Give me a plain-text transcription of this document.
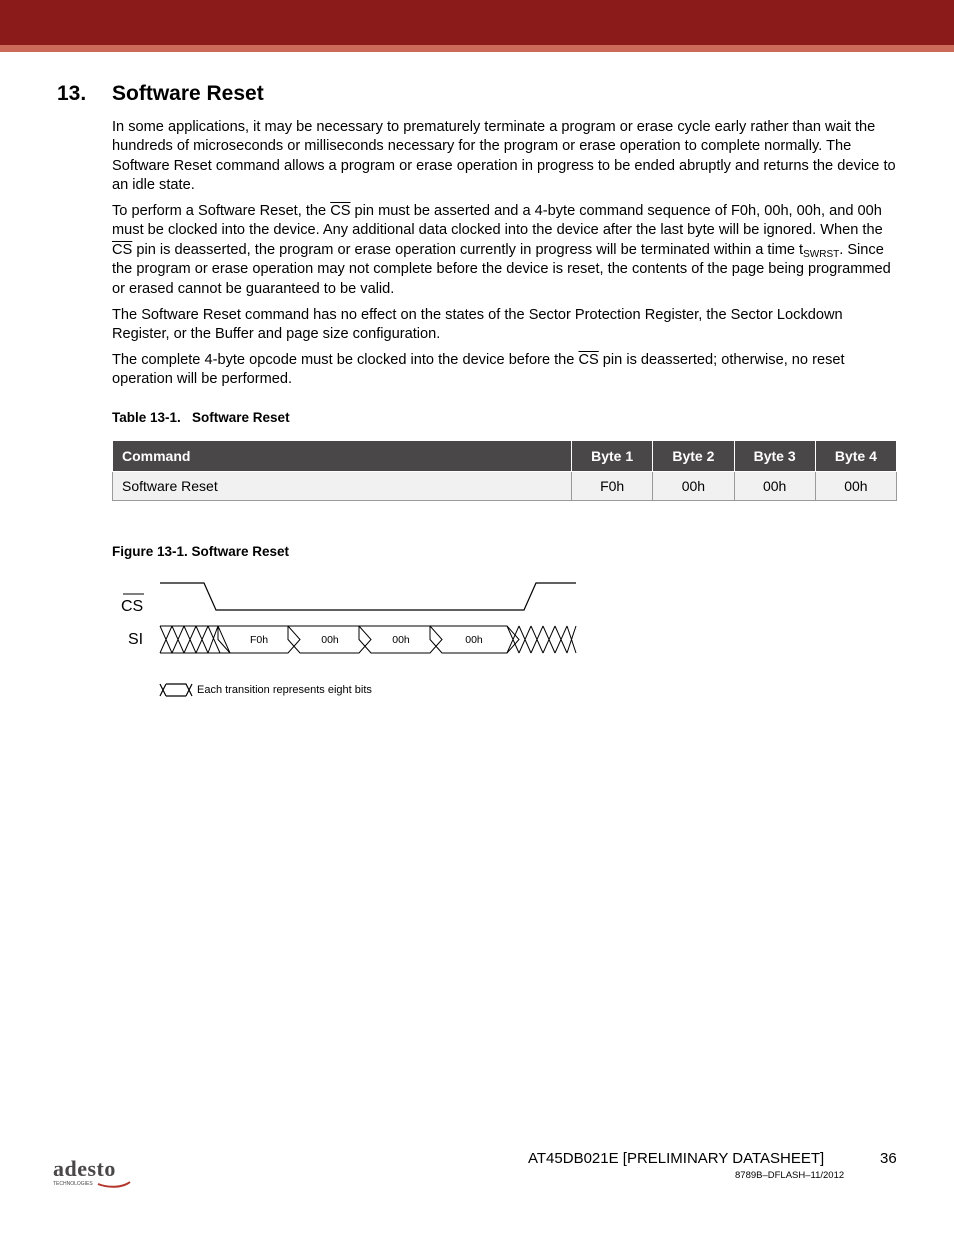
13. Software Reset

In some applications, it may be necessary to prematurely terminate a program or erase cycle early rather than wait the hundreds of microseconds or milliseconds necessary for the program or erase operation to complete normally. The Software Reset command allows a program or erase operation in progress to be ended abruptly and returns the device to an idle state.

To perform a Software Reset, the $\overline{CS}$ pin must be asserted and a 4-byte command sequence of F0h, 00h, 00h, and 00h must be clocked into the device. Any additional data clocked into the device after the last byte will be ignored. When the $\overline{CS}$ pin is deasserted, the program or erase operation currently in progress will be terminated within a time $t_{SWRST}$. Since the program or erase operation may not complete before the device is reset, the contents of the page being programmed or erased cannot be guaranteed to be valid.

The Software Reset command has no effect on the states of the Sector Protection Register, the Sector Lockdown Register, or the Buffer and page size configuration.

The complete 4-byte opcode must be clocked into the device before the $\overline{CS}$ pin is deasserted; otherwise, no reset operation will be performed.

Table 13-1.   Software Reset
Command	Byte 1	Byte 2	Byte 3	Byte 4
Software Reset	F0h	00h	00h	00h
Figure 13-1. Software Reset
CS
SI	F0h	00h	00h	00h
Each transition represents eight bits
adesto
TECHNOLOGIES
AT45DB021E [PRELIMINARY DATASHEET]	36
8789B–DFLASH–11/2012
